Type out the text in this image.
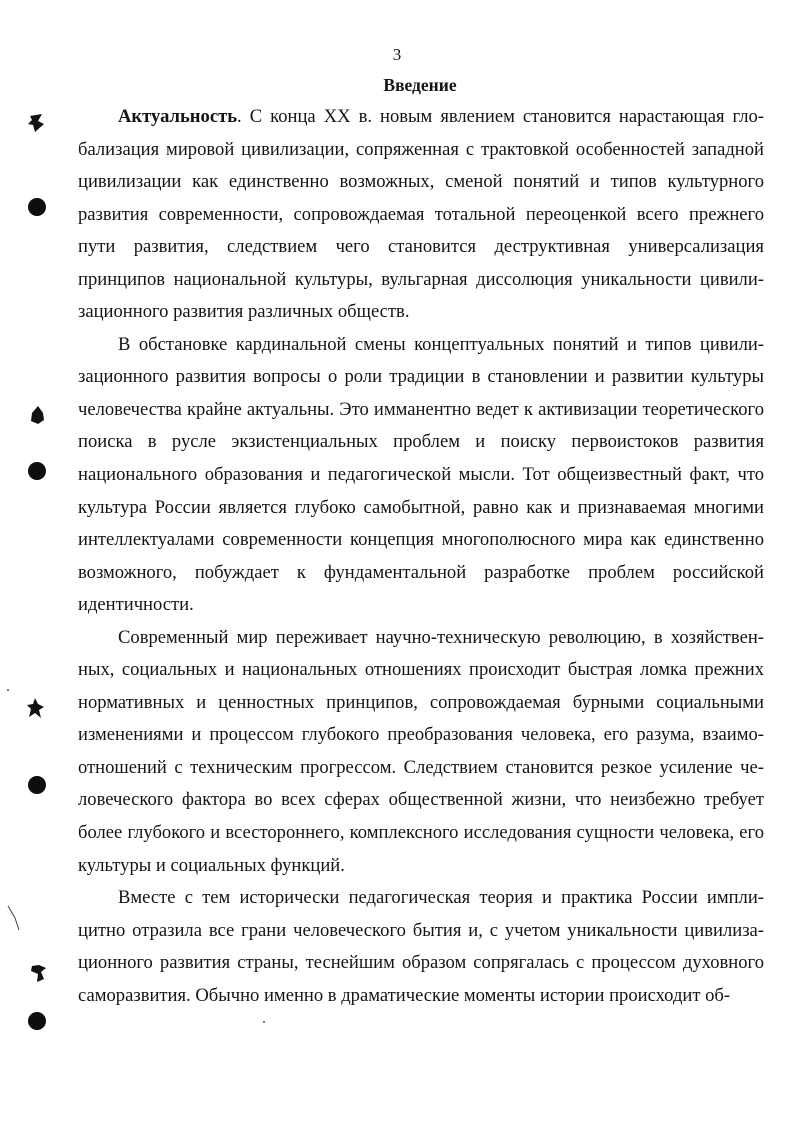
3
Введение

Актуальность. С конца XX в. новым явлением становится нарастающая глобализация мировой цивилизации, сопряженная с трактовкой особенностей западной цивилизации как единственно возможных, сменой понятий и типов культурного развития современности, сопровождаемая тотальной переоценкой всего прежнего пути развития, следствием чего становится деструктивная универсализация принципов национальной культуры, вульгарная диссолюция уникальности цивилизационного развития различных обществ.

В обстановке кардинальной смены концептуальных понятий и типов цивилизационного развития вопросы о роли традиции в становлении и развитии культуры человечества крайне актуальны. Это имманентно ведет к активизации теоретического поиска в русле экзистенциальных проблем и поиску первоистоков развития национального образования и педагогической мысли. Тот общеизвестный факт, что культура России является глубоко самобытной, равно как и признаваемая многими интеллектуалами современности концепция многополюсного мира как единственно возможного, побуждает к фундаментальной разработке проблем российской идентичности.

Современный мир переживает научно-техническую революцию, в хозяйственных, социальных и национальных отношениях происходит быстрая ломка прежних нормативных и ценностных принципов, сопровождаемая бурными социальными изменениями и процессом глубокого преобразования человека, его разума, взаимоотношений с техническим прогрессом. Следствием становится резкое усиление человеческого фактора во всех сферах общественной жизни, что неизбежно требует более глубокого и всестороннего, комплексного исследования сущности человека, его культуры и социальных функций.

Вместе с тем исторически педагогическая теория и практика России имплицитно отразила все грани человеческого бытия и, с учетом уникальности цивилизационного развития страны, теснейшим образом сопрягалась с процессом духовного саморазвития. Обычно именно в драматические моменты истории происходит об-
